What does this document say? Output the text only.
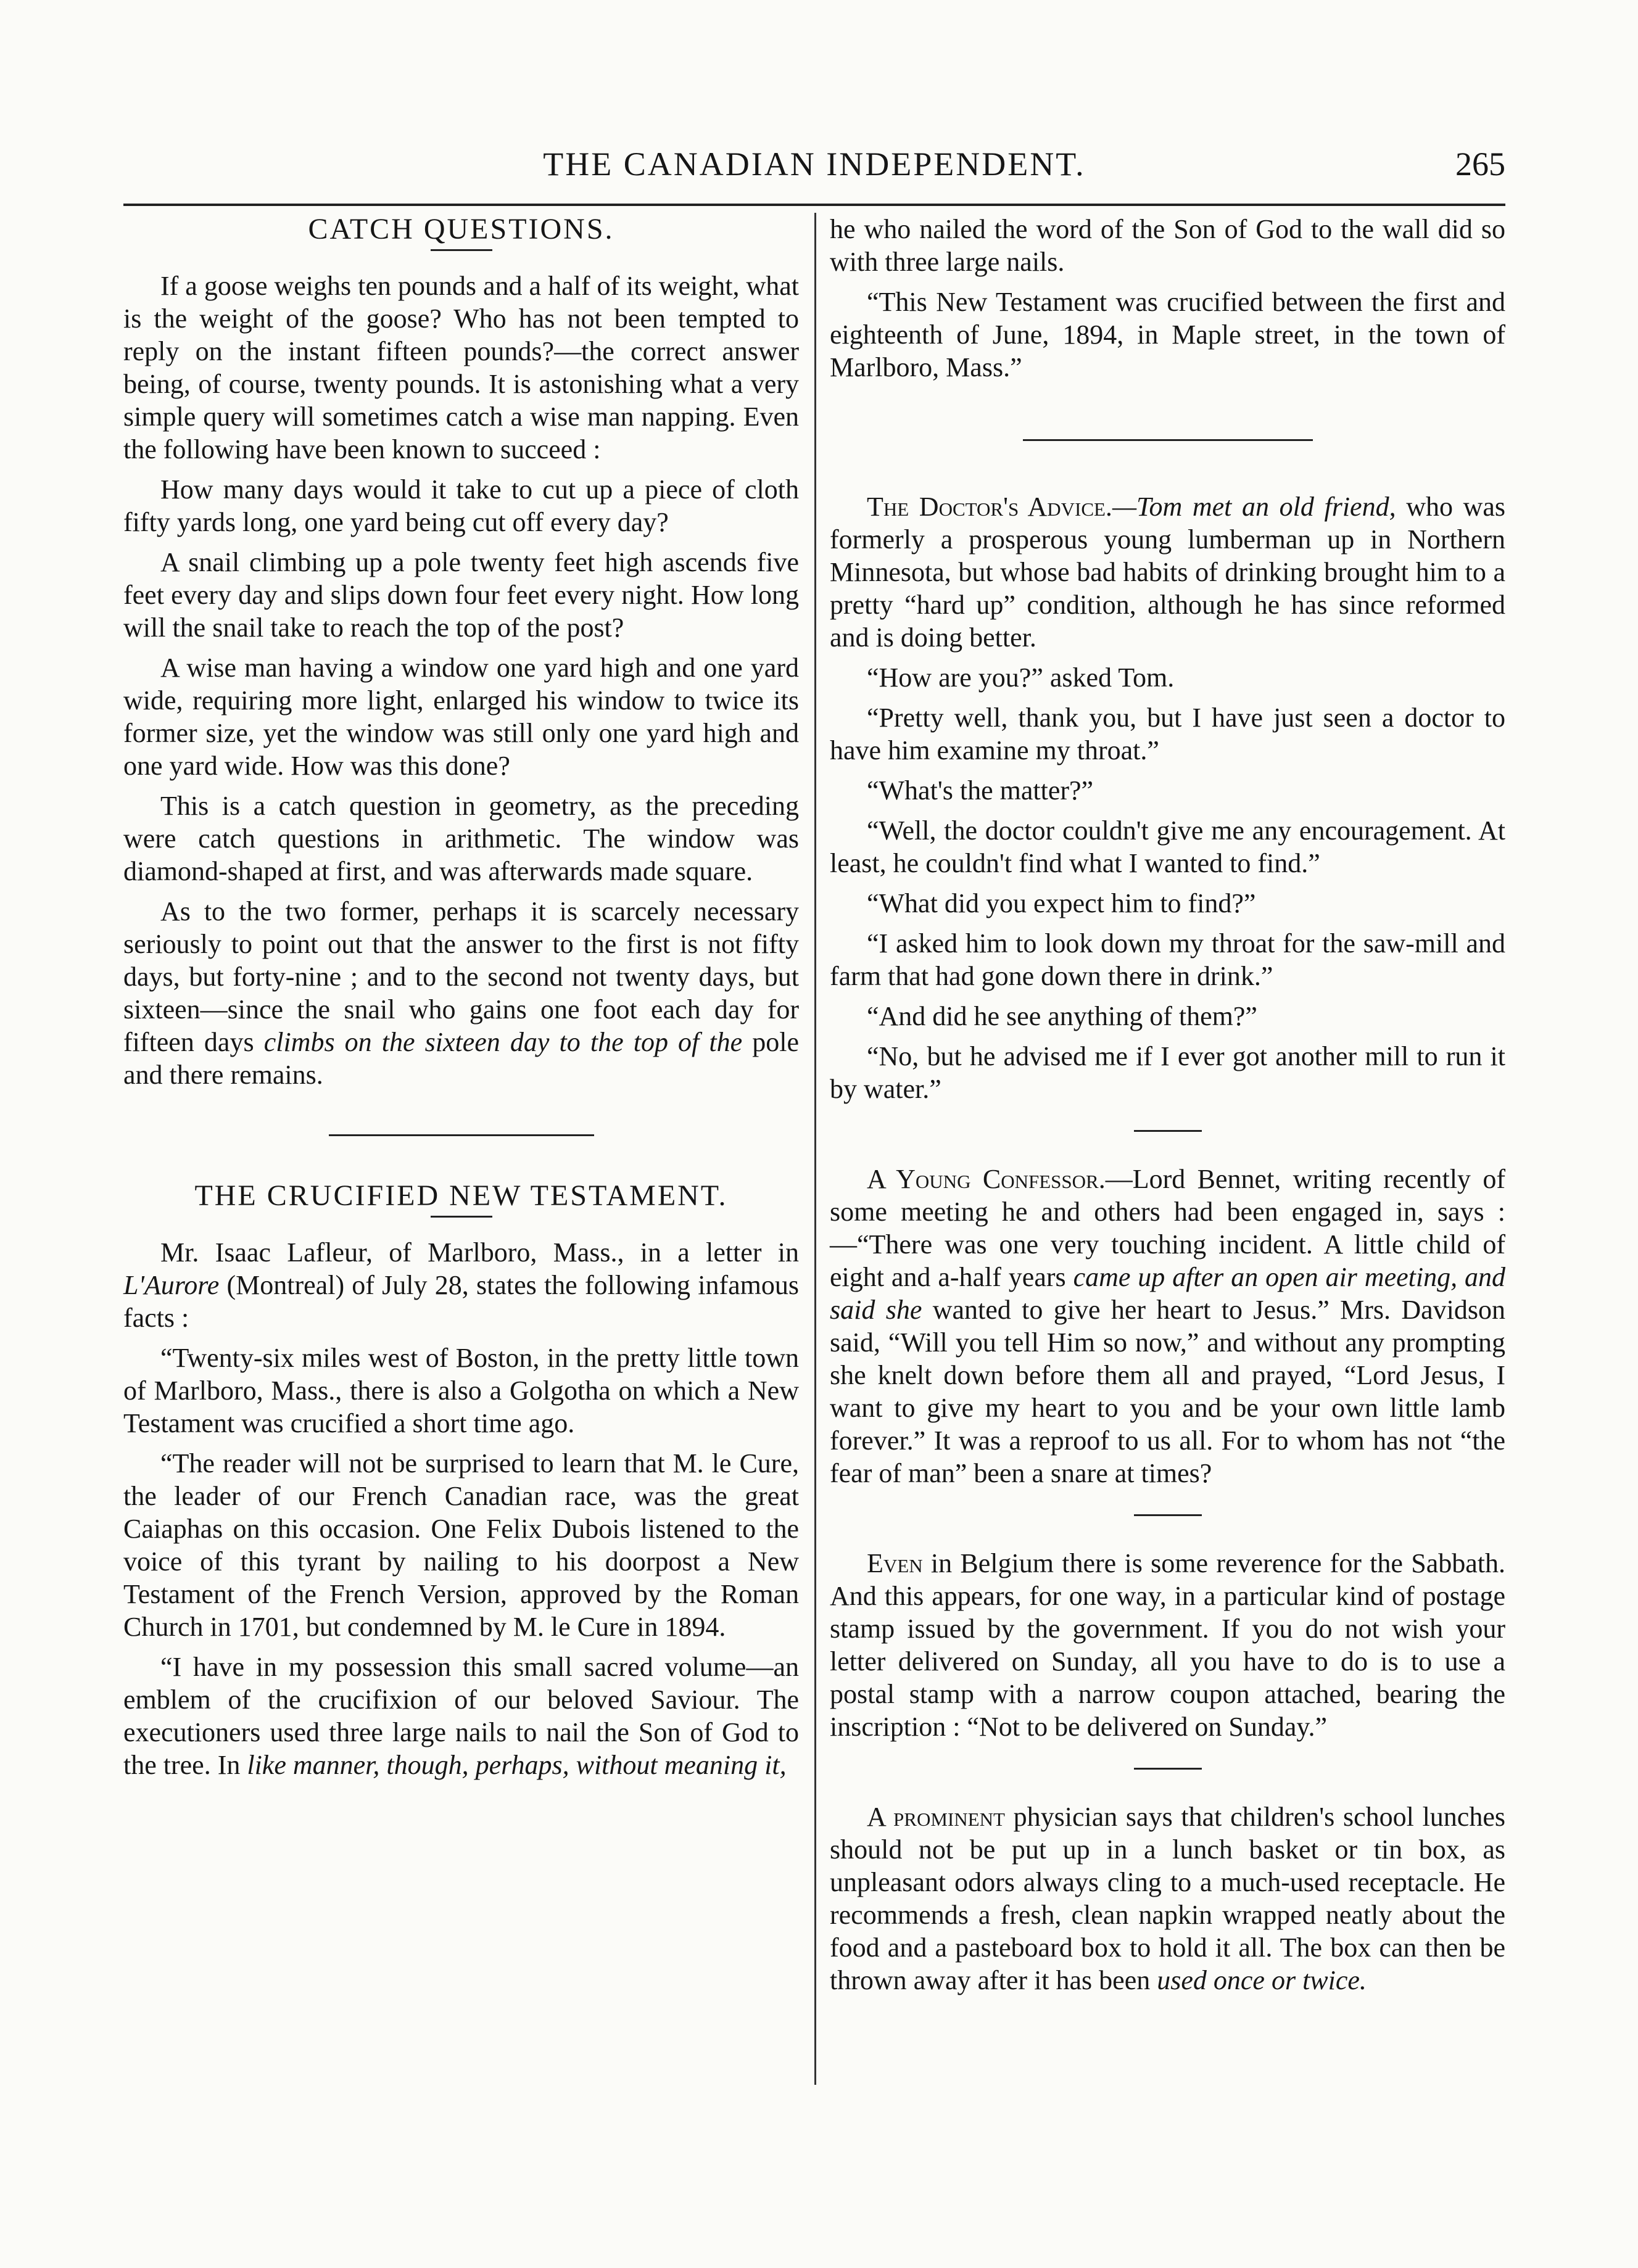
THE CANADIAN INDEPENDENT.	265

CATCH QUESTIONS.

If a goose weighs ten pounds and a half of its weight, what is the weight of the goose? Who has not been tempted to reply on the instant fifteen pounds?—the correct answer being, of course, twenty pounds. It is astonishing what a very simple query will sometimes catch a wise man napping. Even the following have been known to succeed :

How many days would it take to cut up a piece of cloth fifty yards long, one yard being cut off every day?

A snail climbing up a pole twenty feet high ascends five feet every day and slips down four feet every night. How long will the snail take to reach the top of the post?

A wise man having a window one yard high and one yard wide, requiring more light, enlarged his window to twice its former size, yet the window was still only one yard high and one yard wide. How was this done?

This is a catch question in geometry, as the preceding were catch questions in arithmetic. The window was diamond-shaped at first, and was afterwards made square.

As to the two former, perhaps it is scarcely necessary seriously to point out that the answer to the first is not fifty days, but forty-nine ; and to the second not twenty days, but sixteen—since the snail who gains one foot each day for fifteen days climbs on the sixteen day to the top of the pole and there remains.

THE CRUCIFIED NEW TESTAMENT.

Mr. Isaac Lafleur, of Marlboro, Mass., in a letter in L'Aurore (Montreal) of July 28, states the following infamous facts :

“Twenty-six miles west of Boston, in the pretty little town of Marlboro, Mass., there is also a Golgotha on which a New Testament was crucified a short time ago.

“The reader will not be surprised to learn that M. le Cure, the leader of our French Canadian race, was the great Caiaphas on this occasion. One Felix Dubois listened to the voice of this tyrant by nailing to his doorpost a New Testament of the French Version, approved by the Roman Church in 1701, but condemned by M. le Cure in 1894.

“I have in my possession this small sacred volume—an emblem of the crucifixion of our beloved Saviour. The executioners used three large nails to nail the Son of God to the tree. In like manner, though, perhaps, without meaning it,

he who nailed the word of the Son of God to the wall did so with three large nails.

“This New Testament was crucified between the first and eighteenth of June, 1894, in Maple street, in the town of Marlboro, Mass.”

The Doctor's Advice.—Tom met an old friend, who was formerly a prosperous young lumberman up in Northern Minnesota, but whose bad habits of drinking brought him to a pretty “hard up” condition, although he has since reformed and is doing better.

“How are you?” asked Tom.

“Pretty well, thank you, but I have just seen a doctor to have him examine my throat.”

“What's the matter?”

“Well, the doctor couldn't give me any encouragement. At least, he couldn't find what I wanted to find.”

“What did you expect him to find?”

“I asked him to look down my throat for the saw-mill and farm that had gone down there in drink.”

“And did he see anything of them?”

“No, but he advised me if I ever got another mill to run it by water.”

A Young Confessor.—Lord Bennet, writing recently of some meeting he and others had been engaged in, says :—“There was one very touching incident. A little child of eight and a-half years came up after an open air meeting, and said she wanted to give her heart to Jesus.” Mrs. Davidson said, “Will you tell Him so now,” and without any prompting she knelt down before them all and prayed, “Lord Jesus, I want to give my heart to you and be your own little lamb forever.” It was a reproof to us all. For to whom has not “the fear of man” been a snare at times?

Even in Belgium there is some reverence for the Sabbath. And this appears, for one way, in a particular kind of postage stamp issued by the government. If you do not wish your letter delivered on Sunday, all you have to do is to use a postal stamp with a narrow coupon attached, bearing the inscription : “Not to be delivered on Sunday.”

A prominent physician says that children's school lunches should not be put up in a lunch basket or tin box, as unpleasant odors always cling to a much-used receptacle. He recommends a fresh, clean napkin wrapped neatly about the food and a pasteboard box to hold it all. The box can then be thrown away after it has been used once or twice.
